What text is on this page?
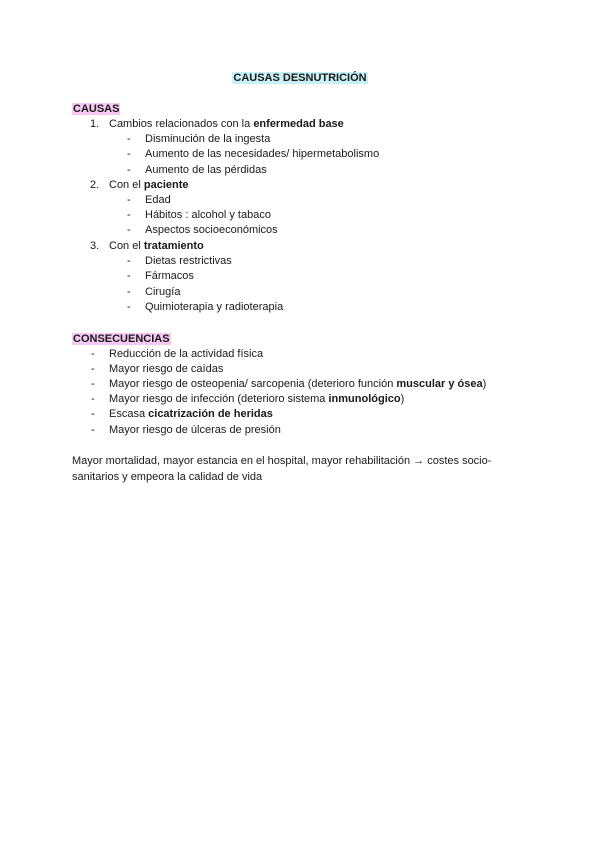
CAUSAS DESNUTRICIÓN
CAUSAS
1. Cambios relacionados con la enfermedad base
- Disminución de la ingesta
- Aumento de las necesidades/ hipermetabolismo
- Aumento de las pérdidas
2. Con el paciente
- Edad
- Hábitos : alcohol y tabaco
- Aspectos socioeconómicos
3. Con el tratamiento
- Dietas restrictivas
- Fármacos
- Cirugía
- Quimioterapia y radioterapia
CONSECUENCIAS
- Reducción de la actividad física
- Mayor riesgo de caídas
- Mayor riesgo de osteopenia/ sarcopenia (deterioro función muscular y ósea)
- Mayor riesgo de infección (deterioro sistema inmunológico)
- Escasa cicatrización de heridas
- Mayor riesgo de úlceras de presión
Mayor mortalidad, mayor estancia en el hospital, mayor rehabilitación → costes socio-sanitarios y empeora la calidad de vida
